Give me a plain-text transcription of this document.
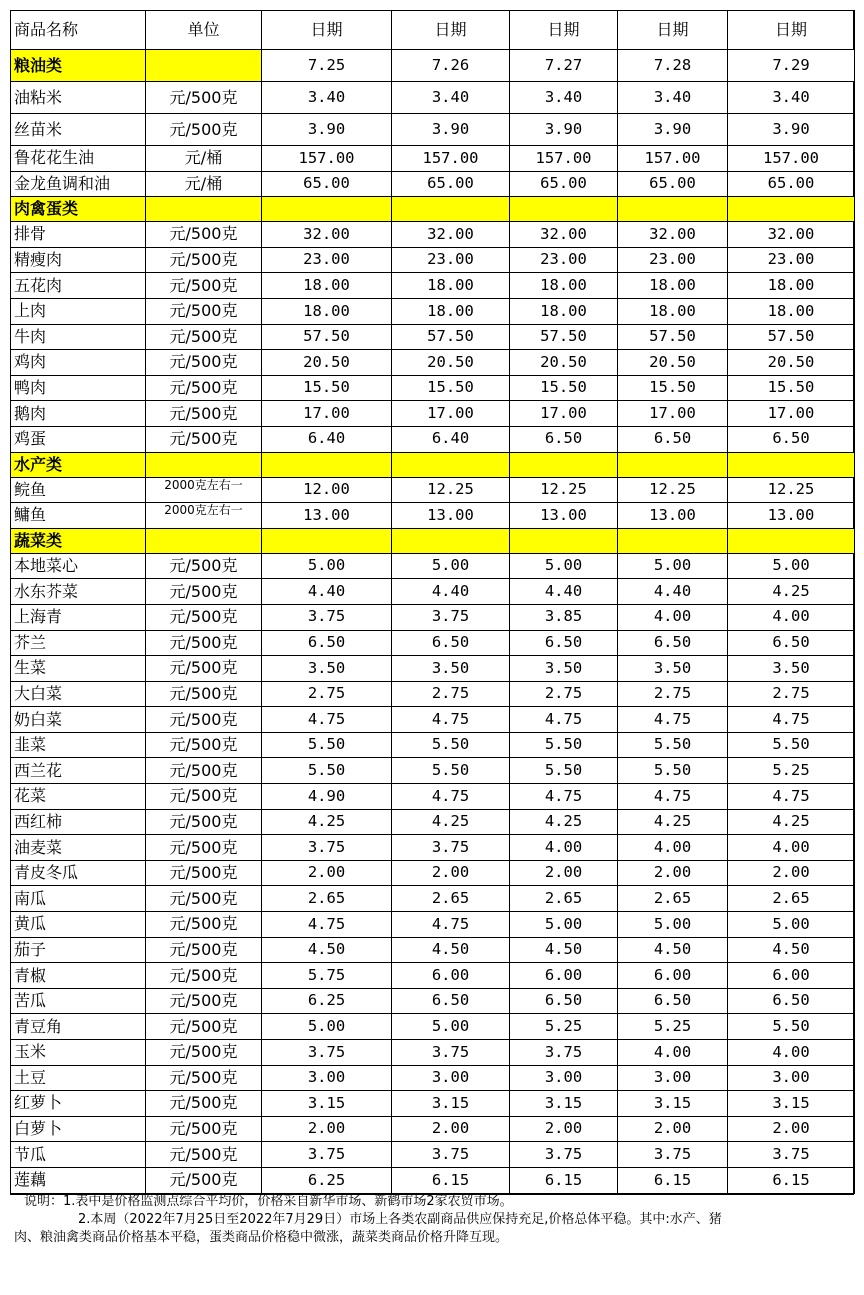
商品名称	单位	日期	日期	日期	日期	日期
粮油类		7.25	7.26	7.27	7.28	7.29
油粘米	元/500克	3.40	3.40	3.40	3.40	3.40
丝苗米	元/500克	3.90	3.90	3.90	3.90	3.90
鲁花花生油	元/桶	157.00	157.00	157.00	157.00	157.00
金龙鱼调和油	元/桶	65.00	65.00	65.00	65.00	65.00
肉禽蛋类						
排骨	元/500克	32.00	32.00	32.00	32.00	32.00
精瘦肉	元/500克	23.00	23.00	23.00	23.00	23.00
五花肉	元/500克	18.00	18.00	18.00	18.00	18.00
上肉	元/500克	18.00	18.00	18.00	18.00	18.00
牛肉	元/500克	57.50	57.50	57.50	57.50	57.50
鸡肉	元/500克	20.50	20.50	20.50	20.50	20.50
鸭肉	元/500克	15.50	15.50	15.50	15.50	15.50
鹅肉	元/500克	17.00	17.00	17.00	17.00	17.00
鸡蛋	元/500克	6.40	6.40	6.50	6.50	6.50
水产类						
鲩鱼	2000克左右一	12.00	12.25	12.25	12.25	12.25
鳙鱼	2000克左右一	13.00	13.00	13.00	13.00	13.00
蔬菜类						
本地菜心	元/500克	5.00	5.00	5.00	5.00	5.00
水东芥菜	元/500克	4.40	4.40	4.40	4.40	4.25
上海青	元/500克	3.75	3.75	3.85	4.00	4.00
芥兰	元/500克	6.50	6.50	6.50	6.50	6.50
生菜	元/500克	3.50	3.50	3.50	3.50	3.50
大白菜	元/500克	2.75	2.75	2.75	2.75	2.75
奶白菜	元/500克	4.75	4.75	4.75	4.75	4.75
韭菜	元/500克	5.50	5.50	5.50	5.50	5.50
西兰花	元/500克	5.50	5.50	5.50	5.50	5.25
花菜	元/500克	4.90	4.75	4.75	4.75	4.75
西红柿	元/500克	4.25	4.25	4.25	4.25	4.25
油麦菜	元/500克	3.75	3.75	4.00	4.00	4.00
青皮冬瓜	元/500克	2.00	2.00	2.00	2.00	2.00
南瓜	元/500克	2.65	2.65	2.65	2.65	2.65
黄瓜	元/500克	4.75	4.75	5.00	5.00	5.00
茄子	元/500克	4.50	4.50	4.50	4.50	4.50
青椒	元/500克	5.75	6.00	6.00	6.00	6.00
苦瓜	元/500克	6.25	6.50	6.50	6.50	6.50
青豆角	元/500克	5.00	5.00	5.25	5.25	5.50
玉米	元/500克	3.75	3.75	3.75	4.00	4.00
土豆	元/500克	3.00	3.00	3.00	3.00	3.00
红萝卜	元/500克	3.15	3.15	3.15	3.15	3.15
白萝卜	元/500克	2.00	2.00	2.00	2.00	2.00
节瓜	元/500克	3.75	3.75	3.75	3.75	3.75
莲藕	元/500克	6.25	6.15	6.15	6.15	6.15
说明：1.表中是价格监测点综合平均价，价格采自新华市场、新鹤市场2家农贸市场。
2.本周（2022年7月25日至2022年7月29日）市场上各类农副商品供应保持充足,价格总体平稳。其中:水产、猪
肉、粮油禽类商品价格基本平稳，蛋类商品价格稳中微涨，蔬菜类商品价格升降互现。
